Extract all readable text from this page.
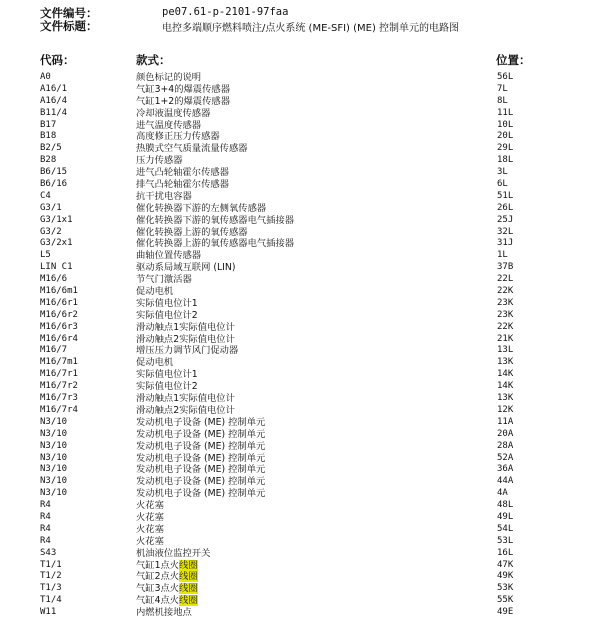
文件编号：	pe07.61-p-2101-97faa
文件标题：	电控多端顺序燃料喷注/点火系统 (ME-SFI) (ME) 控制单元的电路图
代码：	款式：	位置：
A0	颜色标记的说明	56L
A16/1	气缸3+4的爆震传感器	7L
A16/4	气缸1+2的爆震传感器	8L
B11/4	冷却液温度传感器	11L
B17	进气温度传感器	10L
B18	高度修正压力传感器	20L
B2/5	热膜式空气质量流量传感器	29L
B28	压力传感器	18L
B6/15	进气凸轮轴霍尔传感器	3L
B6/16	排气凸轮轴霍尔传感器	6L
C4	抗干扰电容器	51L
G3/1	催化转换器下游的左侧氧传感器	26L
G3/1x1	催化转换器下游的氧传感器电气插接器	25J
G3/2	催化转换器上游的氧传感器	32L
G3/2x1	催化转换器上游的氧传感器电气插接器	31J
L5	曲轴位置传感器	1L
LIN C1	驱动系局域互联网 (LIN)	37B
M16/6	节气门激活器	22L
M16/6m1	促动电机	22K
M16/6r1	实际值电位计1	23K
M16/6r2	实际值电位计2	23K
M16/6r3	滑动触点1实际值电位计	22K
M16/6r4	滑动触点2实际值电位计	21K
M16/7	增压压力调节风门促动器	13L
M16/7m1	促动电机	13K
M16/7r1	实际值电位计1	14K
M16/7r2	实际值电位计2	14K
M16/7r3	滑动触点1实际值电位计	13K
M16/7r4	滑动触点2实际值电位计	12K
N3/10	发动机电子设备 (ME) 控制单元	11A
N3/10	发动机电子设备 (ME) 控制单元	20A
N3/10	发动机电子设备 (ME) 控制单元	28A
N3/10	发动机电子设备 (ME) 控制单元	52A
N3/10	发动机电子设备 (ME) 控制单元	36A
N3/10	发动机电子设备 (ME) 控制单元	44A
N3/10	发动机电子设备 (ME) 控制单元	4A
R4	火花塞	48L
R4	火花塞	49L
R4	火花塞	54L
R4	火花塞	53L
S43	机油液位监控开关	16L
T1/1	气缸1点火线圈	47K
T1/2	气缸2点火线圈	49K
T1/3	气缸3点火线圈	53K
T1/4	气缸4点火线圈	55K
W11	内燃机接地点	49E
